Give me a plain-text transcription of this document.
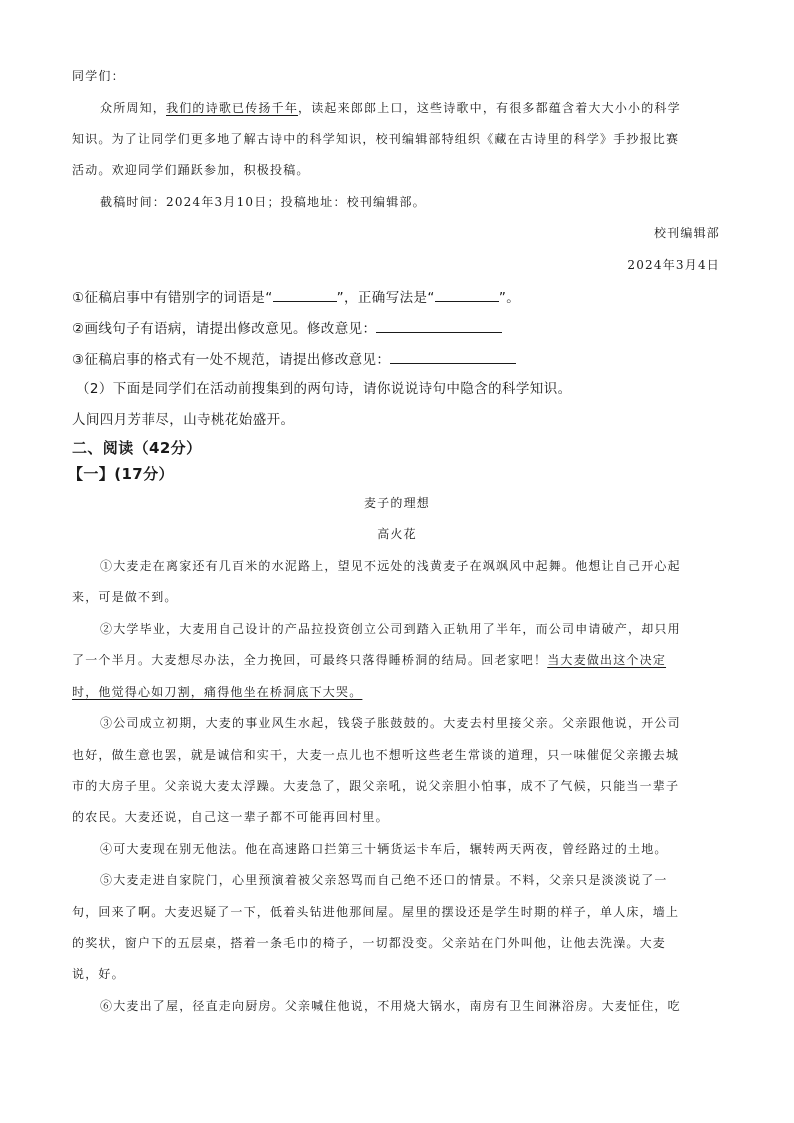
同学们：
众所周知，我们的诗歌已传扬千年，读起来郎郎上口，这些诗歌中，有很多都蕴含着大大小小的科学
知识。为了让同学们更多地了解古诗中的科学知识，校刊编辑部特组织《藏在古诗里的科学》手抄报比赛
活动。欢迎同学们踊跃参加，积极投稿。
截稿时间：2024年3月10日；投稿地址：校刊编辑部。
校刊编辑部
2024年3月4日
①征稿启事中有错别字的词语是“	”，正确写法是“	”。
②画线句子有语病，请提出修改意见。修改意见：
③征稿启事的格式有一处不规范，请提出修改意见：
（2）下面是同学们在活动前搜集到的两句诗，请你说说诗句中隐含的科学知识。
人间四月芳菲尽，山寺桃花始盛开。
二、阅读（42分）
【一】(17分）
麦子的理想
高火花
①大麦走在离家还有几百米的水泥路上，望见不远处的浅黄麦子在飒飒风中起舞。他想让自己开心起
来，可是做不到。
②大学毕业，大麦用自己设计的产品拉投资创立公司到踏入正轨用了半年，而公司申请破产，却只用
了一个半月。大麦想尽办法，全力挽回，可最终只落得睡桥洞的结局。回老家吧！当大麦做出这个决定
时，他觉得心如刀割，痛得他坐在桥洞底下大哭。
③公司成立初期，大麦的事业风生水起，钱袋子胀鼓鼓的。大麦去村里接父亲。父亲跟他说，开公司
也好，做生意也罢，就是诚信和实干，大麦一点儿也不想听这些老生常谈的道理，只一味催促父亲搬去城
市的大房子里。父亲说大麦太浮躁。大麦急了，跟父亲吼，说父亲胆小怕事，成不了气候，只能当一辈子
的农民。大麦还说，自己这一辈子都不可能再回村里。
④可大麦现在别无他法。他在高速路口拦第三十辆货运卡车后，辗转两天两夜，曾经路过的土地。
⑤大麦走进自家院门，心里预演着被父亲怒骂而自己绝不还口的情景。不料，父亲只是淡淡说了一
句，回来了啊。大麦迟疑了一下，低着头钻进他那间屋。屋里的摆设还是学生时期的样子，单人床，墙上
的奖状，窗户下的五层桌，搭着一条毛巾的椅子，一切都没变。父亲站在门外叫他，让他去洗澡。大麦
说，好。
⑥大麦出了屋，径直走向厨房。父亲喊住他说，不用烧大锅水，南房有卫生间淋浴房。大麦怔住，吃
